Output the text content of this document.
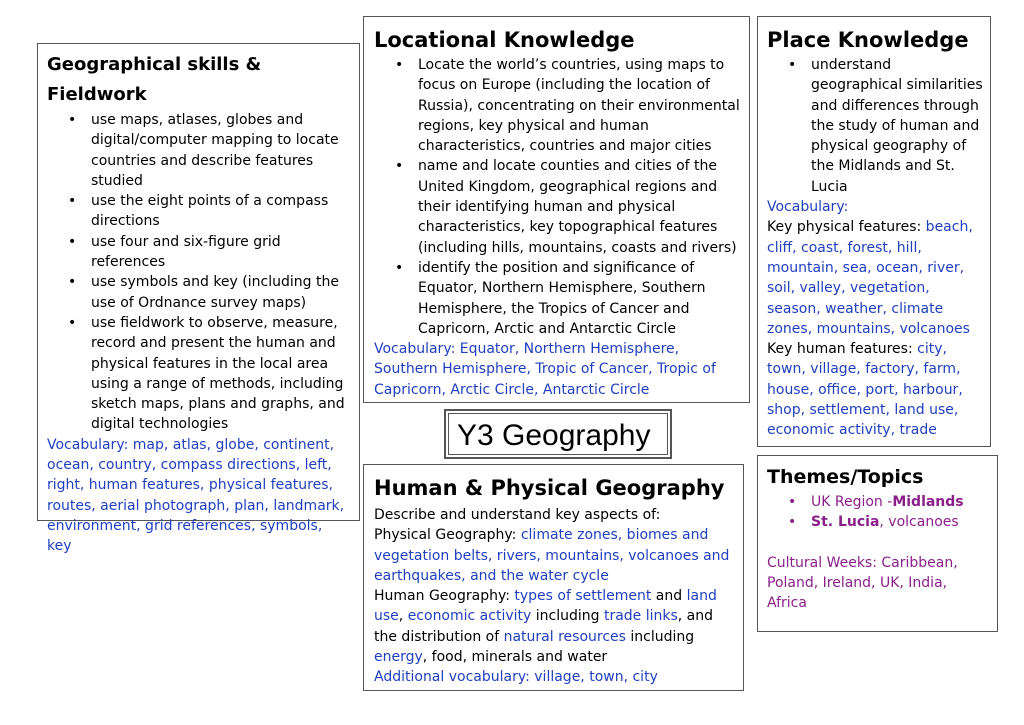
Geographical skills & Fieldwork
• use maps, atlases, globes and digital/computer mapping to locate countries and describe features studied
• use the eight points of a compass directions
• use four and six-figure grid references
• use symbols and key (including the use of Ordnance survey maps)
• use fieldwork to observe, measure, record and present the human and physical features in the local area using a range of methods, including sketch maps, plans and graphs, and digital technologies
Vocabulary: map, atlas, globe, continent, ocean, country, compass directions, left, right, human features, physical features, routes, aerial photograph, plan, landmark, environment, grid references, symbols, key
Locational Knowledge
• Locate the world’s countries, using maps to focus on Europe (including the location of Russia), concentrating on their environmental regions, key physical and human characteristics, countries and major cities
• name and locate counties and cities of the United Kingdom, geographical regions and their identifying human and physical characteristics, key topographical features (including hills, mountains, coasts and rivers)
• identify the position and significance of Equator, Northern Hemisphere, Southern Hemisphere, the Tropics of Cancer and Capricorn, Arctic and Antarctic Circle
Vocabulary: Equator, Northern Hemisphere, Southern Hemisphere, Tropic of Cancer, Tropic of Capricorn, Arctic Circle, Antarctic Circle
Place Knowledge
• understand geographical similarities and differences through the study of human and physical geography of the Midlands and St. Lucia
Vocabulary:
Key physical features: beach, cliff, coast, forest, hill, mountain, sea, ocean, river, soil, valley, vegetation, season, weather, climate zones, mountains, volcanoes
Key human features: city, town, village, factory, farm, house, office, port, harbour, shop, settlement, land use, economic activity, trade
Y3 Geography
Human & Physical Geography
Describe and understand key aspects of:
Physical Geography: climate zones, biomes and vegetation belts, rivers, mountains, volcanoes and earthquakes, and the water cycle
Human Geography: types of settlement and land use, economic activity including trade links, and the distribution of natural resources including energy, food, minerals and water
Additional vocabulary: village, town, city
Themes/Topics
• UK Region -Midlands
• St. Lucia, volcanoes
Cultural Weeks: Caribbean, Poland, Ireland, UK, India, Africa
